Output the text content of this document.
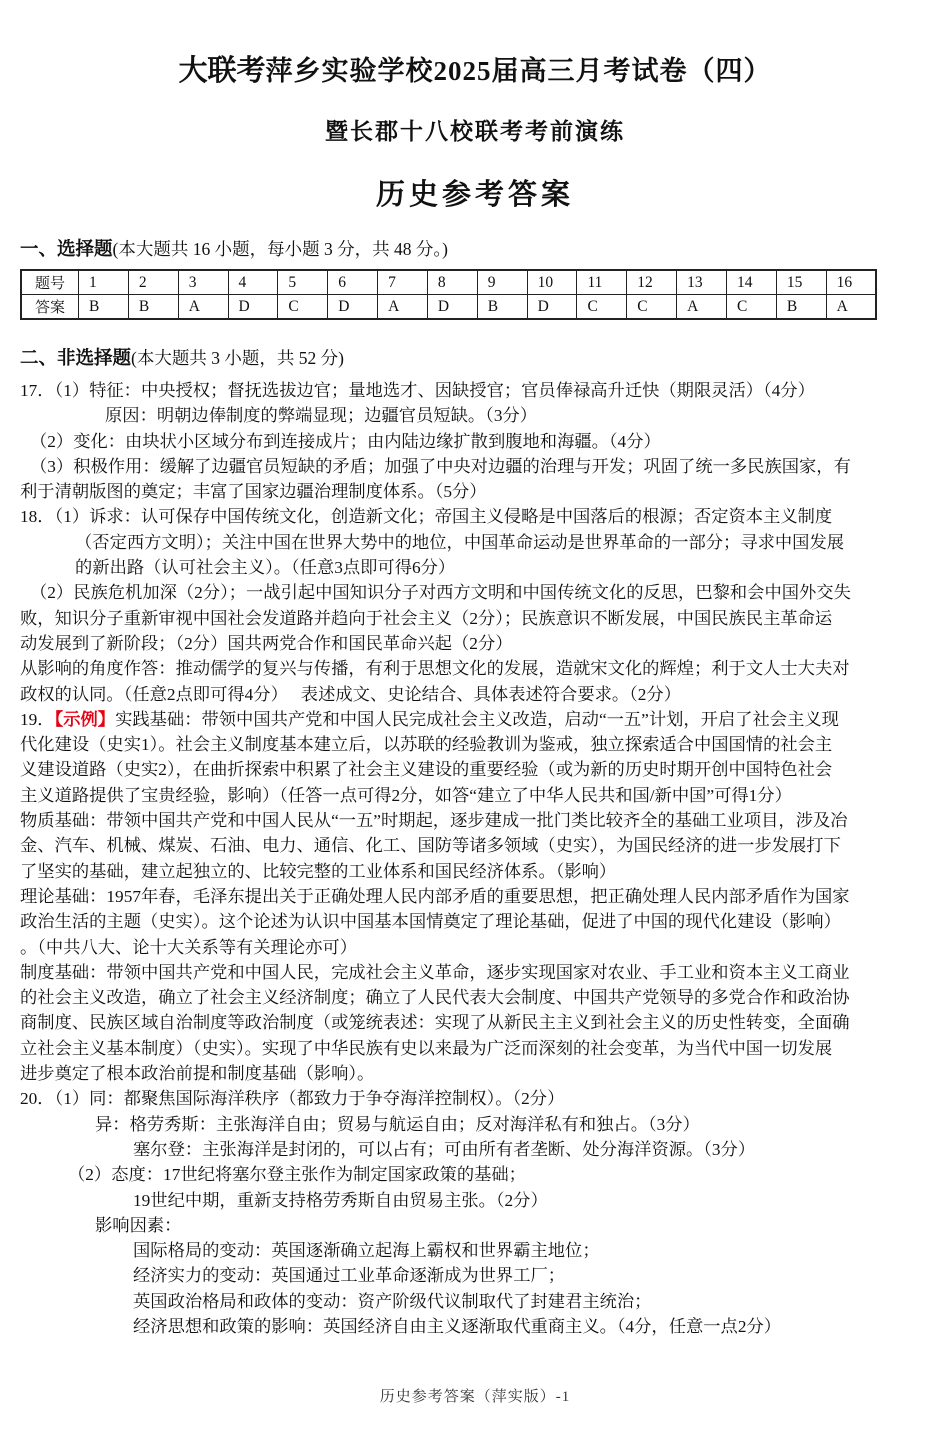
大联考萍乡实验学校2025届高三月考试卷（四）
暨长郡十八校联考考前演练
历史参考答案
一、选择题(本大题共 16 小题，每小题 3 分，共 48 分。)
题号	1	2	3	4	5	6	7	8	9	10	11	12	13	14	15	16
答案	B	B	A	D	C	D	A	D	B	D	C	C	A	C	B	A
二、非选择题(本大题共 3 小题，共 52 分)

17．（1）特征：中央授权；督抚选拔边官；量地选才、因缺授官；官员俸禄高升迁快（期限灵活）（4分）

原因：明朝边俸制度的弊端显现；边疆官员短缺。（3分）

（2）变化：由块状小区域分布到连接成片；由内陆边缘扩散到腹地和海疆。（4分）

（3）积极作用：缓解了边疆官员短缺的矛盾；加强了中央对边疆的治理与开发；巩固了统一多民族国家，有

利于清朝版图的奠定；丰富了国家边疆治理制度体系。（5分）

18．（1）诉求：认可保存中国传统文化，创造新文化；帝国主义侵略是中国落后的根源；否定资本主义制度

（否定西方文明）；关注中国在世界大势中的地位，中国革命运动是世界革命的一部分；寻求中国发展

的新出路（认可社会主义）。（任意3点即可得6分）

（2）民族危机加深（2分）；一战引起中国知识分子对西方文明和中国传统文化的反思，巴黎和会中国外交失

败，知识分子重新审视中国社会发道路并趋向于社会主义（2分）；民族意识不断发展，中国民族民主革命运

动发展到了新阶段；（2分）国共两党合作和国民革命兴起（2分）

从影响的角度作答：推动儒学的复兴与传播，有利于思想文化的发展，造就宋文化的辉煌；利于文人士大夫对

政权的认同。（任意2点即可得4分）　 表述成文、史论结合、具体表述符合要求。（2分）

19．【示例】实践基础：带领中国共产党和中国人民完成社会主义改造，启动“一五”计划，开启了社会主义现

代化建设（史实1）。社会主义制度基本建立后，以苏联的经验教训为鉴戒，独立探索适合中国国情的社会主

义建设道路（史实2），在曲折探索中积累了社会主义建设的重要经验（或为新的历史时期开创中国特色社会

主义道路提供了宝贵经验，影响）（任答一点可得2分，如答“建立了中华人民共和国/新中国”可得1分）

物质基础：带领中国共产党和中国人民从“一五”时期起，逐步建成一批门类比较齐全的基础工业项目，涉及冶

金、汽车、机械、煤炭、石油、电力、通信、化工、国防等诸多领域（史实），为国民经济的进一步发展打下

了坚实的基础，建立起独立的、比较完整的工业体系和国民经济体系。（影响）

理论基础：1957年春，毛泽东提出关于正确处理人民内部矛盾的重要思想，把正确处理人民内部矛盾作为国家

政治生活的主题（史实）。这个论述为认识中国基本国情奠定了理论基础，促进了中国的现代化建设（影响）

。（中共八大、论十大关系等有关理论亦可）

制度基础：带领中国共产党和中国人民，完成社会主义革命，逐步实现国家对农业、手工业和资本主义工商业

的社会主义改造，确立了社会主义经济制度；确立了人民代表大会制度、中国共产党领导的多党合作和政治协

商制度、民族区域自治制度等政治制度（或笼统表述：实现了从新民主主义到社会主义的历史性转变，全面确

立社会主义基本制度）（史实）。实现了中华民族有史以来最为广泛而深刻的社会变革，为当代中国一切发展

进步奠定了根本政治前提和制度基础（影响）。

20．（1）同：都聚焦国际海洋秩序（都致力于争夺海洋控制权）。（2分）

异：格劳秀斯：主张海洋自由；贸易与航运自由；反对海洋私有和独占。（3分）

塞尔登：主张海洋是封闭的，可以占有；可由所有者垄断、处分海洋资源。（3分）

（2）态度：17世纪将塞尔登主张作为制定国家政策的基础；

19世纪中期，重新支持格劳秀斯自由贸易主张。（2分）

影响因素：

国际格局的变动：英国逐渐确立起海上霸权和世界霸主地位；

经济实力的变动：英国通过工业革命逐渐成为世界工厂；

英国政治格局和政体的变动：资产阶级代议制取代了封建君主统治；

经济思想和政策的影响：英国经济自由主义逐渐取代重商主义。（4分，任意一点2分）

历史参考答案（萍实版）-1
